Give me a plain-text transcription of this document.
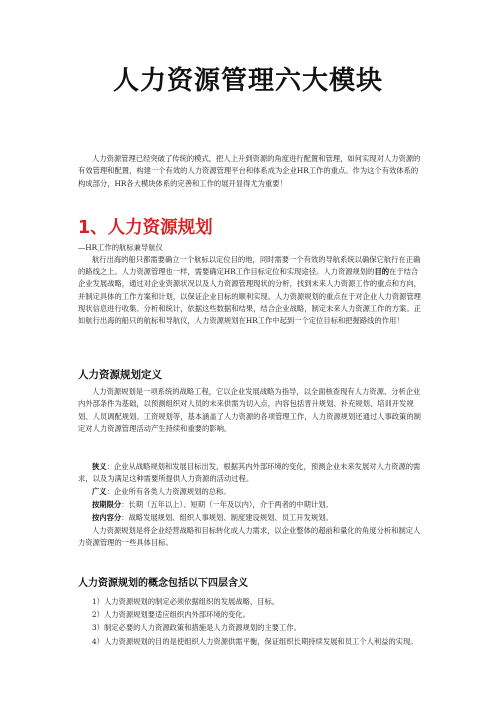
人力资源管理六大模块
人力资源管理已经突破了传统的模式，把人上升到资源的角度进行配置和管理，如何实现对人力资源的有效管理和配置，构建一个有效的人力资源管理平台和体系成为企业HR工作的重点。作为这个有效体系的构成部分，HR各大模块体系的完善和工作的展开显得尤为重要！
1、人力资源规划
—HR工作的航标兼导航仪
航行出海的船只都需要确立一个航标以定位目的地，同时需要一个有效的导航系统以确保它航行在正确的路线之上。人力资源管理也一样，需要确定HR工作目标定位和实现途径。人力资源规划的目的在于结合企业发展战略，通过对企业资源状况以及人力资源管理现状的分析，找到未来人力资源工作的重点和方向，并制定具体的工作方案和计划，以保证企业目标的顺利实现。人力资源规划的重点在于对企业人力资源管理现状信息进行收集、分析和统计，依据这些数据和结果，结合企业战略，制定未来人力资源工作的方案。正如航行出海的船只的航标和导航仪，人力资源规划在HR工作中起到一个定位目标和把握路线的作用！
人力资源规划定义
人力资源规划是一项系统的战略工程，它以企业发展战略为指导，以全面核查现有人力资源、分析企业内外部条件为基础，以预测组织对人员的未来供需为切入点，内容包括晋升规划、补充规划、培训开发规划、人员调配规划、工资规划等，基本涵盖了人力资源的各项管理工作，人力资源规划还通过人事政策的制定对人力资源管理活动产生持续和重要的影响。
狭义：企业从战略规划和发展目标出发，根据其内外部环境的变化，预测企业未来发展对人力资源的需求，以及为满足这种需要所提供人力资源的活动过程。
广义：企业所有各类人力资源规划的总称。
按期限分：长期（五年以上）、短期（一年及以内），介于两者的中期计划。
按内容分：战略发展规划、组织人事规划、制度建设规划、员工开发规划。
人力资源规划是将企业经营战略和目标转化成人力需求，以企业整体的超前和量化的角度分析和制定人力资源管理的一些具体目标。
人力资源规划的概念包括以下四层含义
1）人力资源规划的制定必须依据组织的发展战略、目标。
2）人力资源规划要适应组织内外部环境的变化。
3）制定必要的人力资源政策和措施是人力资源规划的主要工作。
4）人力资源规划的目的是使组织人力资源供需平衡，保证组织长期持续发展和员工个人利益的实现。
